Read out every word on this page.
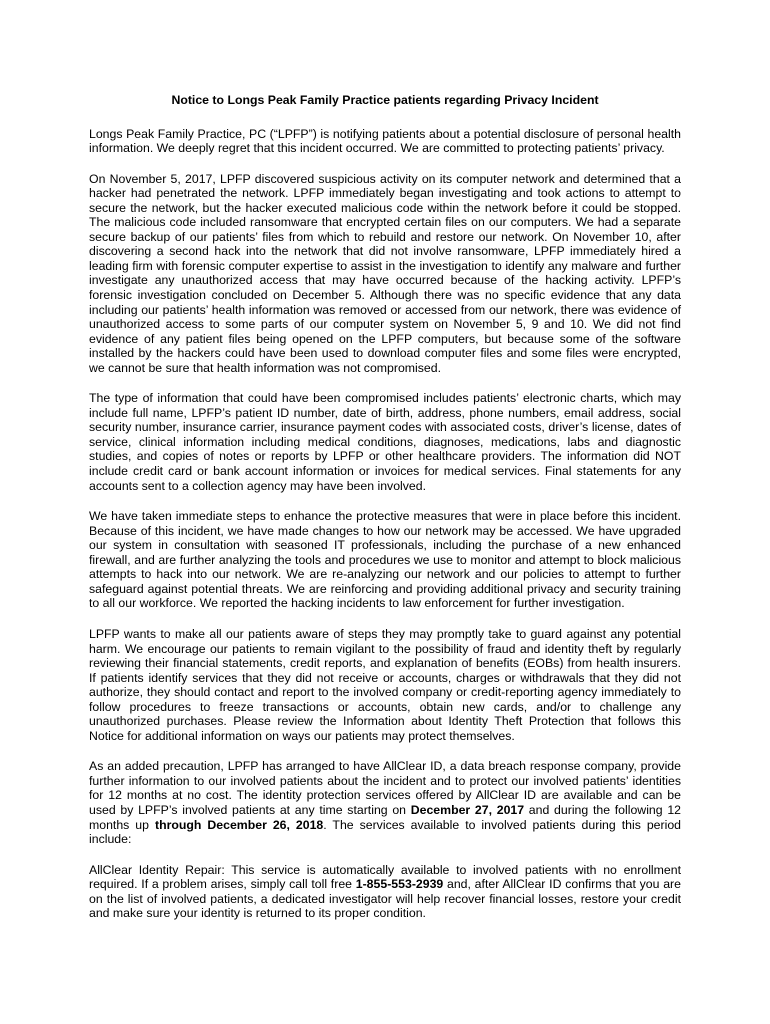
Notice to Longs Peak Family Practice patients regarding Privacy Incident

Longs Peak Family Practice, PC (“LPFP”) is notifying patients about a potential disclosure of personal health information. We deeply regret that this incident occurred. We are committed to protecting patients’ privacy.

On November 5, 2017, LPFP discovered suspicious activity on its computer network and determined that a hacker had penetrated the network. LPFP immediately began investigating and took actions to attempt to secure the network, but the hacker executed malicious code within the network before it could be stopped. The malicious code included ransomware that encrypted certain files on our computers. We had a separate secure backup of our patients’ files from which to rebuild and restore our network. On November 10, after discovering a second hack into the network that did not involve ransomware, LPFP immediately hired a leading firm with forensic computer expertise to assist in the investigation to identify any malware and further investigate any unauthorized access that may have occurred because of the hacking activity. LPFP’s forensic investigation concluded on December 5. Although there was no specific evidence that any data including our patients’ health information was removed or accessed from our network, there was evidence of unauthorized access to some parts of our computer system on November 5, 9 and 10. We did not find evidence of any patient files being opened on the LPFP computers, but because some of the software installed by the hackers could have been used to download computer files and some files were encrypted, we cannot be sure that health information was not compromised.

The type of information that could have been compromised includes patients’ electronic charts, which may include full name, LPFP’s patient ID number, date of birth, address, phone numbers, email address, social security number, insurance carrier, insurance payment codes with associated costs, driver’s license, dates of service, clinical information including medical conditions, diagnoses, medications, labs and diagnostic studies, and copies of notes or reports by LPFP or other healthcare providers. The information did NOT include credit card or bank account information or invoices for medical services. Final statements for any accounts sent to a collection agency may have been involved.

We have taken immediate steps to enhance the protective measures that were in place before this incident. Because of this incident, we have made changes to how our network may be accessed. We have upgraded our system in consultation with seasoned IT professionals, including the purchase of a new enhanced firewall, and are further analyzing the tools and procedures we use to monitor and attempt to block malicious attempts to hack into our network. We are re-analyzing our network and our policies to attempt to further safeguard against potential threats. We are reinforcing and providing additional privacy and security training to all our workforce. We reported the hacking incidents to law enforcement for further investigation.

LPFP wants to make all our patients aware of steps they may promptly take to guard against any potential harm. We encourage our patients to remain vigilant to the possibility of fraud and identity theft by regularly reviewing their financial statements, credit reports, and explanation of benefits (EOBs) from health insurers. If patients identify services that they did not receive or accounts, charges or withdrawals that they did not authorize, they should contact and report to the involved company or credit-reporting agency immediately to follow procedures to freeze transactions or accounts, obtain new cards, and/or to challenge any unauthorized purchases. Please review the Information about Identity Theft Protection that follows this Notice for additional information on ways our patients may protect themselves.

As an added precaution, LPFP has arranged to have AllClear ID, a data breach response company, provide further information to our involved patients about the incident and to protect our involved patients’ identities for 12 months at no cost. The identity protection services offered by AllClear ID are available and can be used by LPFP’s involved patients at any time starting on December 27, 2017 and during the following 12 months up through December 26, 2018. The services available to involved patients during this period include:

AllClear Identity Repair: This service is automatically available to involved patients with no enrollment required. If a problem arises, simply call toll free 1-855-553-2939 and, after AllClear ID confirms that you are on the list of involved patients, a dedicated investigator will help recover financial losses, restore your credit and make sure your identity is returned to its proper condition.
